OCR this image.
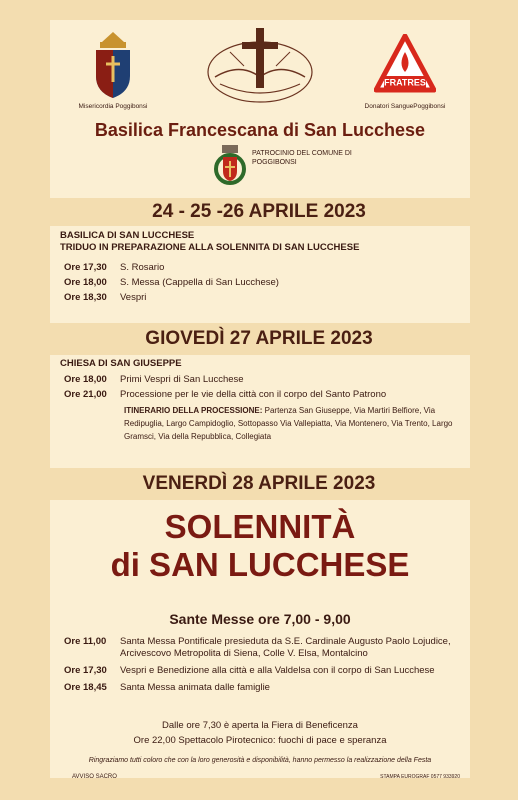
Misericordia Poggibonsi
FRATRES
Donatori SanguePoggibonsi
Basilica Francescana di San Lucchese
PATROCINIO DEL COMUNE DI POGGIBONSI
24 - 25 -26 APRILE 2023
BASILICA DI SAN LUCCHESE
TRIDUO IN PREPARAZIONE ALLA SOLENNITA DI SAN LUCCHESE
Ore 17,30	S. Rosario
Ore 18,00	S. Messa (Cappella di San Lucchese)
Ore 18,30	Vespri
GIOVEDÌ 27 APRILE 2023
CHIESA DI SAN GIUSEPPE
Ore 18,00	Primi Vespri di San Lucchese
Ore 21,00	Processione per le vie della città con il corpo del Santo Patrono
ITINERARIO DELLA PROCESSIONE: Partenza San Giuseppe, Via Martiri Belfiore, Via Redipuglia, Largo Campidoglio, Sottopasso Via Vallepiatta, Via Montenero, Via Trento, Largo Gramsci, Via della Repubblica, Collegiata
VENERDÌ 28 APRILE 2023
SOLENNITÀ
di SAN LUCCHESE
Sante Messe ore 7,00 - 9,00
Ore 11,00	Santa Messa Pontificale presieduta da S.E. Cardinale Augusto Paolo Lojudice, Arcivescovo Metropolita di Siena, Colle V. Elsa, Montalcino
Ore 17,30	Vespri e Benedizione alla città e alla Valdelsa con il corpo di San Lucchese
Ore 18,45	Santa Messa animata dalle famiglie
Dalle ore 7,30 è aperta la Fiera di Beneficenza
Ore 22,00 Spettacolo Pirotecnico: fuochi di pace e speranza
Ringraziamo tutti coloro che con la loro generosità e disponibilità, hanno permesso la realizzazione della Festa
AVVISO SACRO	STAMPA EUROGRAF 0577 933920
